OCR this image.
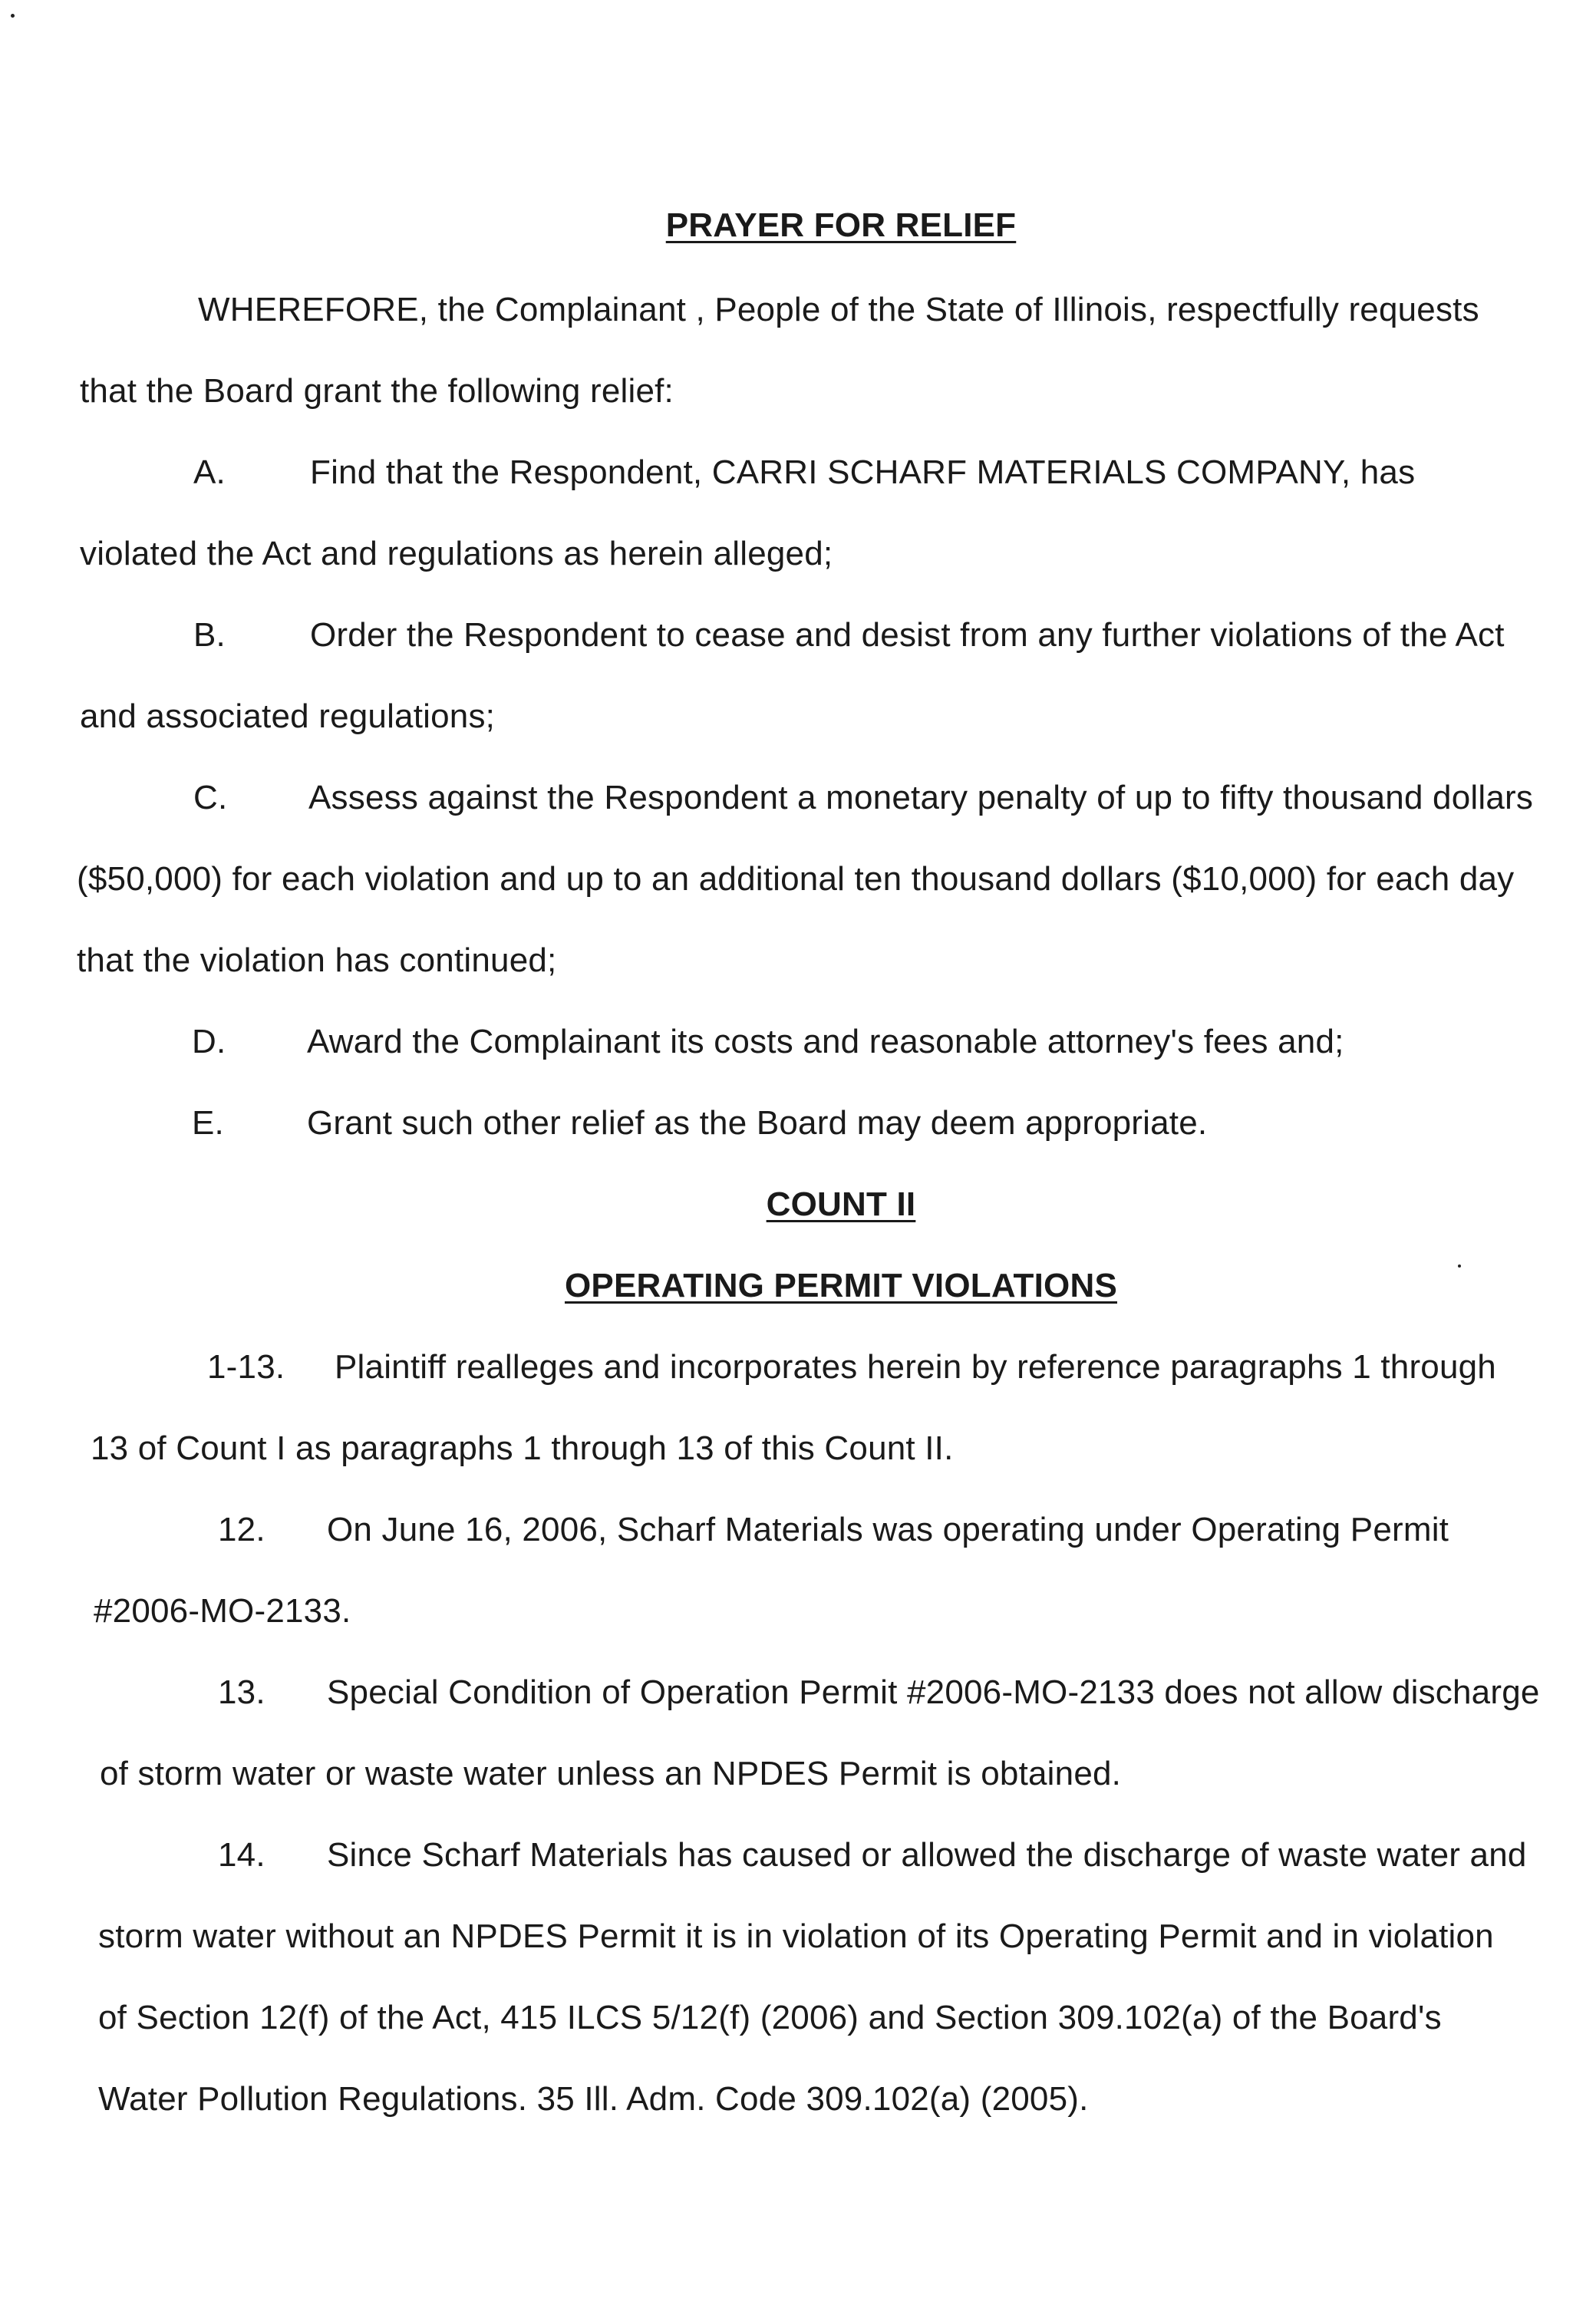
PRAYER FOR RELIEF
WHEREFORE, the Complainant , People of the State of Illinois, respectfully requests
that the Board grant the following relief:
A.	Find that the Respondent, CARRI SCHARF MATERIALS COMPANY, has
violated the Act and regulations as herein alleged;
B.	Order the Respondent to cease and desist from any further violations of the Act
and associated regulations;
C. Assess against the Respondent a monetary penalty of up to fifty thousand dollars
($50,000) for each violation and up to an additional ten thousand dollars ($10,000) for each day
that the violation has continued;
D. Award the Complainant its costs and reasonable attorney's fees and;
E. Grant such other relief as the Board may deem appropriate.
COUNT II
OPERATING PERMIT VIOLATIONS
1-13. Plaintiff realleges and incorporates herein by reference paragraphs 1 through
13 of Count I as paragraphs 1 through 13 of this Count II.
12. On June 16, 2006, Scharf Materials was operating under Operating Permit
#2006-MO-2133.
13. Special Condition of Operation Permit #2006-MO-2133 does not allow discharge
of storm water or waste water unless an NPDES Permit is obtained.
14. Since Scharf Materials has caused or allowed the discharge of waste water and
storm water without an NPDES Permit it is in violation of its Operating Permit and in violation
of Section 12(f) of the Act, 415 ILCS 5/12(f) (2006) and Section 309.102(a) of the Board's
Water Pollution Regulations. 35 Ill. Adm. Code 309.102(a) (2005).
